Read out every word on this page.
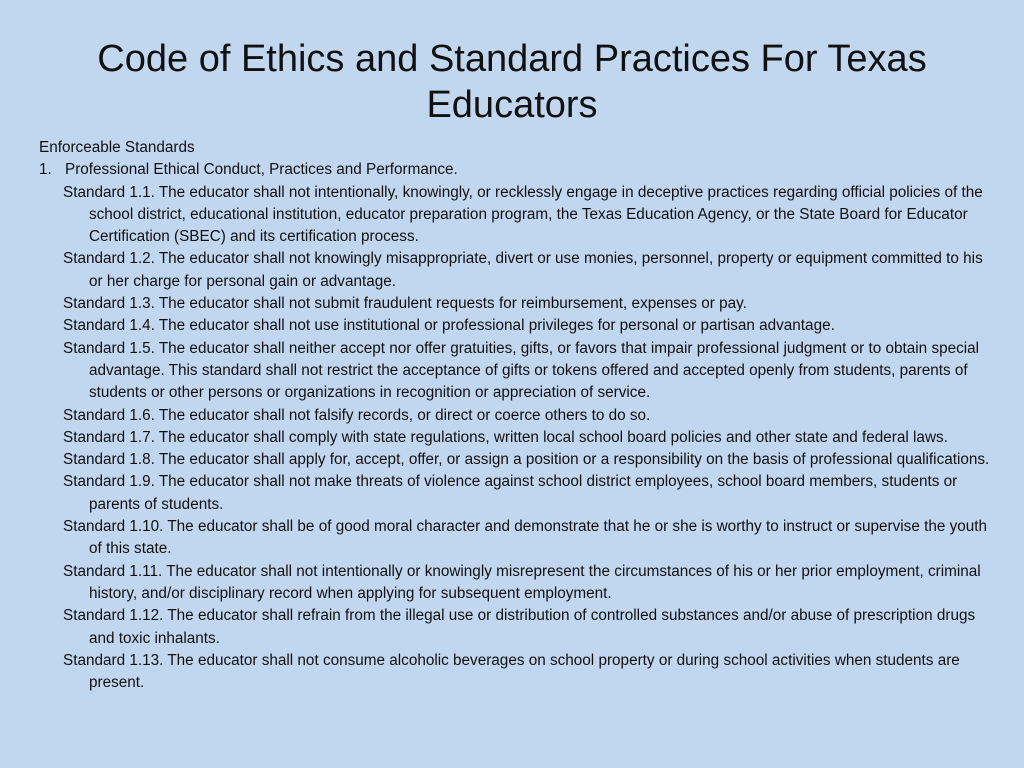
Code of Ethics and Standard Practices For Texas Educators

Enforceable Standards

1. Professional Ethical Conduct, Practices and Performance.

Standard 1.1. The educator shall not intentionally, knowingly, or recklessly engage in deceptive practices regarding official policies of the school district, educational institution, educator preparation program, the Texas Education Agency, or the State Board for Educator Certification (SBEC) and its certification process.
Standard 1.2. The educator shall not knowingly misappropriate, divert or use monies, personnel, property or equipment committed to his or her charge for personal gain or advantage.
Standard 1.3. The educator shall not submit fraudulent requests for reimbursement, expenses or pay.
Standard 1.4. The educator shall not use institutional or professional privileges for personal or partisan advantage.
Standard 1.5. The educator shall neither accept nor offer gratuities, gifts, or favors that impair professional judgment or to obtain special advantage. This standard shall not restrict the acceptance of gifts or tokens offered and accepted openly from students, parents of students or other persons or organizations in recognition or appreciation of service.
Standard 1.6. The educator shall not falsify records, or direct or coerce others to do so.
Standard 1.7. The educator shall comply with state regulations, written local school board policies and other state and federal laws.
Standard 1.8. The educator shall apply for, accept, offer, or assign a position or a responsibility on the basis of professional qualifications.
Standard 1.9. The educator shall not make threats of violence against school district employees, school board members, students or parents of students.
Standard 1.10. The educator shall be of good moral character and demonstrate that he or she is worthy to instruct or supervise the youth of this state.
Standard 1.11. The educator shall not intentionally or knowingly misrepresent the circumstances of his or her prior employment, criminal history, and/or disciplinary record when applying for subsequent employment.
Standard 1.12. The educator shall refrain from the illegal use or distribution of controlled substances and/or abuse of prescription drugs and toxic inhalants.
Standard 1.13. The educator shall not consume alcoholic beverages on school property or during school activities when students are present.
